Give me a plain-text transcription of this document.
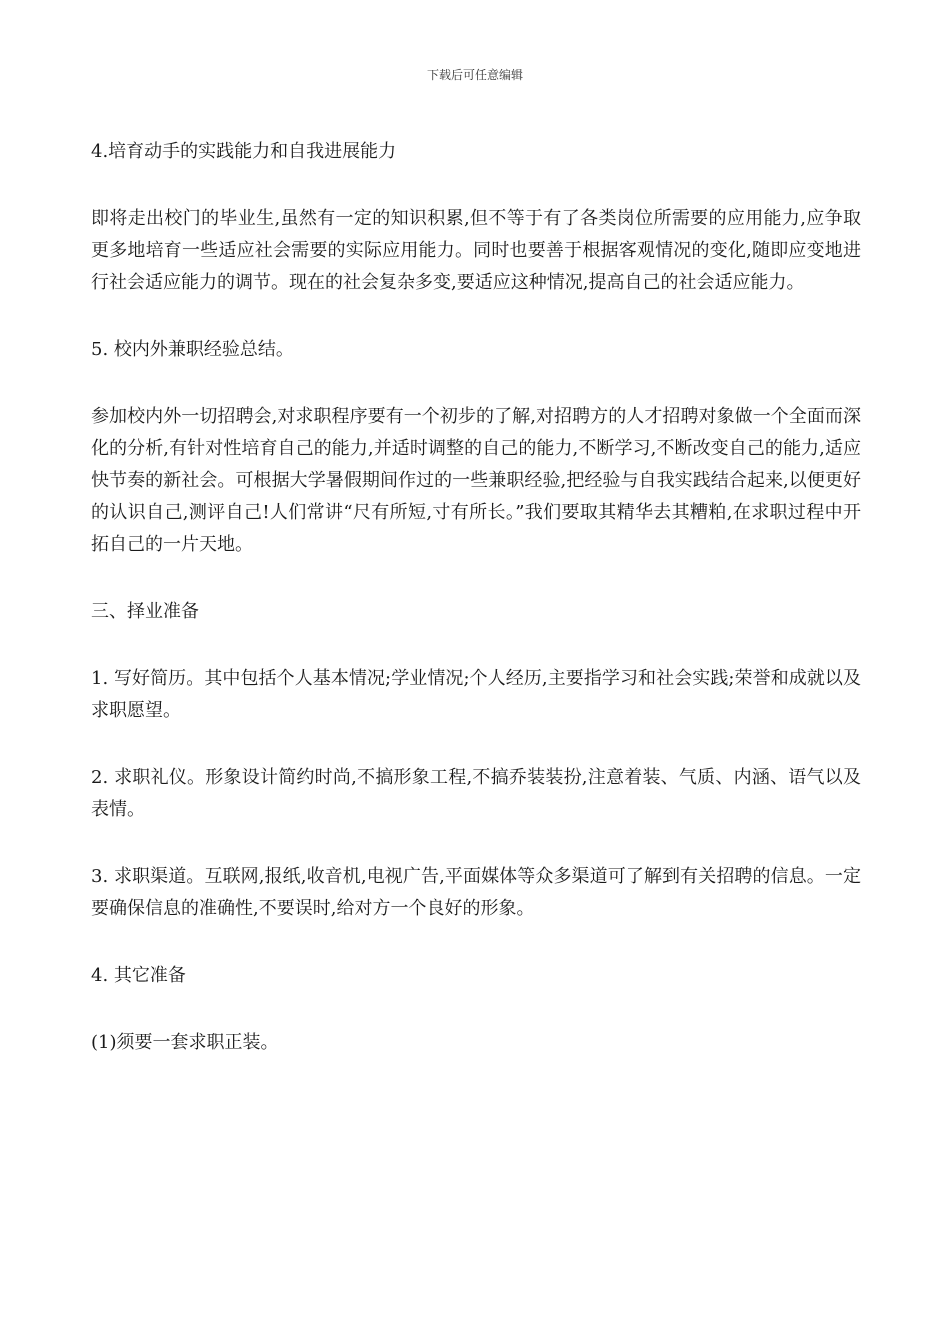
下载后可任意编辑

4.培育动手的实践能力和自我进展能力

即将走出校门的毕业生,虽然有一定的知识积累,但不等于有了各类岗位所需要的应用能力,应争取更多地培育一些适应社会需要的实际应用能力。同时也要善于根据客观情况的变化,随即应变地进行社会适应能力的调节。现在的社会复杂多变,要适应这种情况,提高自己的社会适应能力。

5. 校内外兼职经验总结。

参加校内外一切招聘会,对求职程序要有一个初步的了解,对招聘方的人才招聘对象做一个全面而深化的分析,有针对性培育自己的能力,并适时调整的自己的能力,不断学习,不断改变自己的能力,适应快节奏的新社会。可根据大学暑假期间作过的一些兼职经验,把经验与自我实践结合起来,以便更好的认识自己,测评自己!人们常讲“尺有所短,寸有所长。”我们要取其精华去其糟粕,在求职过程中开拓自己的一片天地。

三、择业准备

1. 写好简历。其中包括个人基本情况;学业情况;个人经历,主要指学习和社会实践;荣誉和成就以及求职愿望。

2. 求职礼仪。形象设计简约时尚,不搞形象工程,不搞乔装装扮,注意着装、气质、内涵、语气以及表情。

3. 求职渠道。互联网,报纸,收音机,电视广告,平面媒体等众多渠道可了解到有关招聘的信息。一定要确保信息的准确性,不要误时,给对方一个良好的形象。

4. 其它准备

(1)须要一套求职正装。
